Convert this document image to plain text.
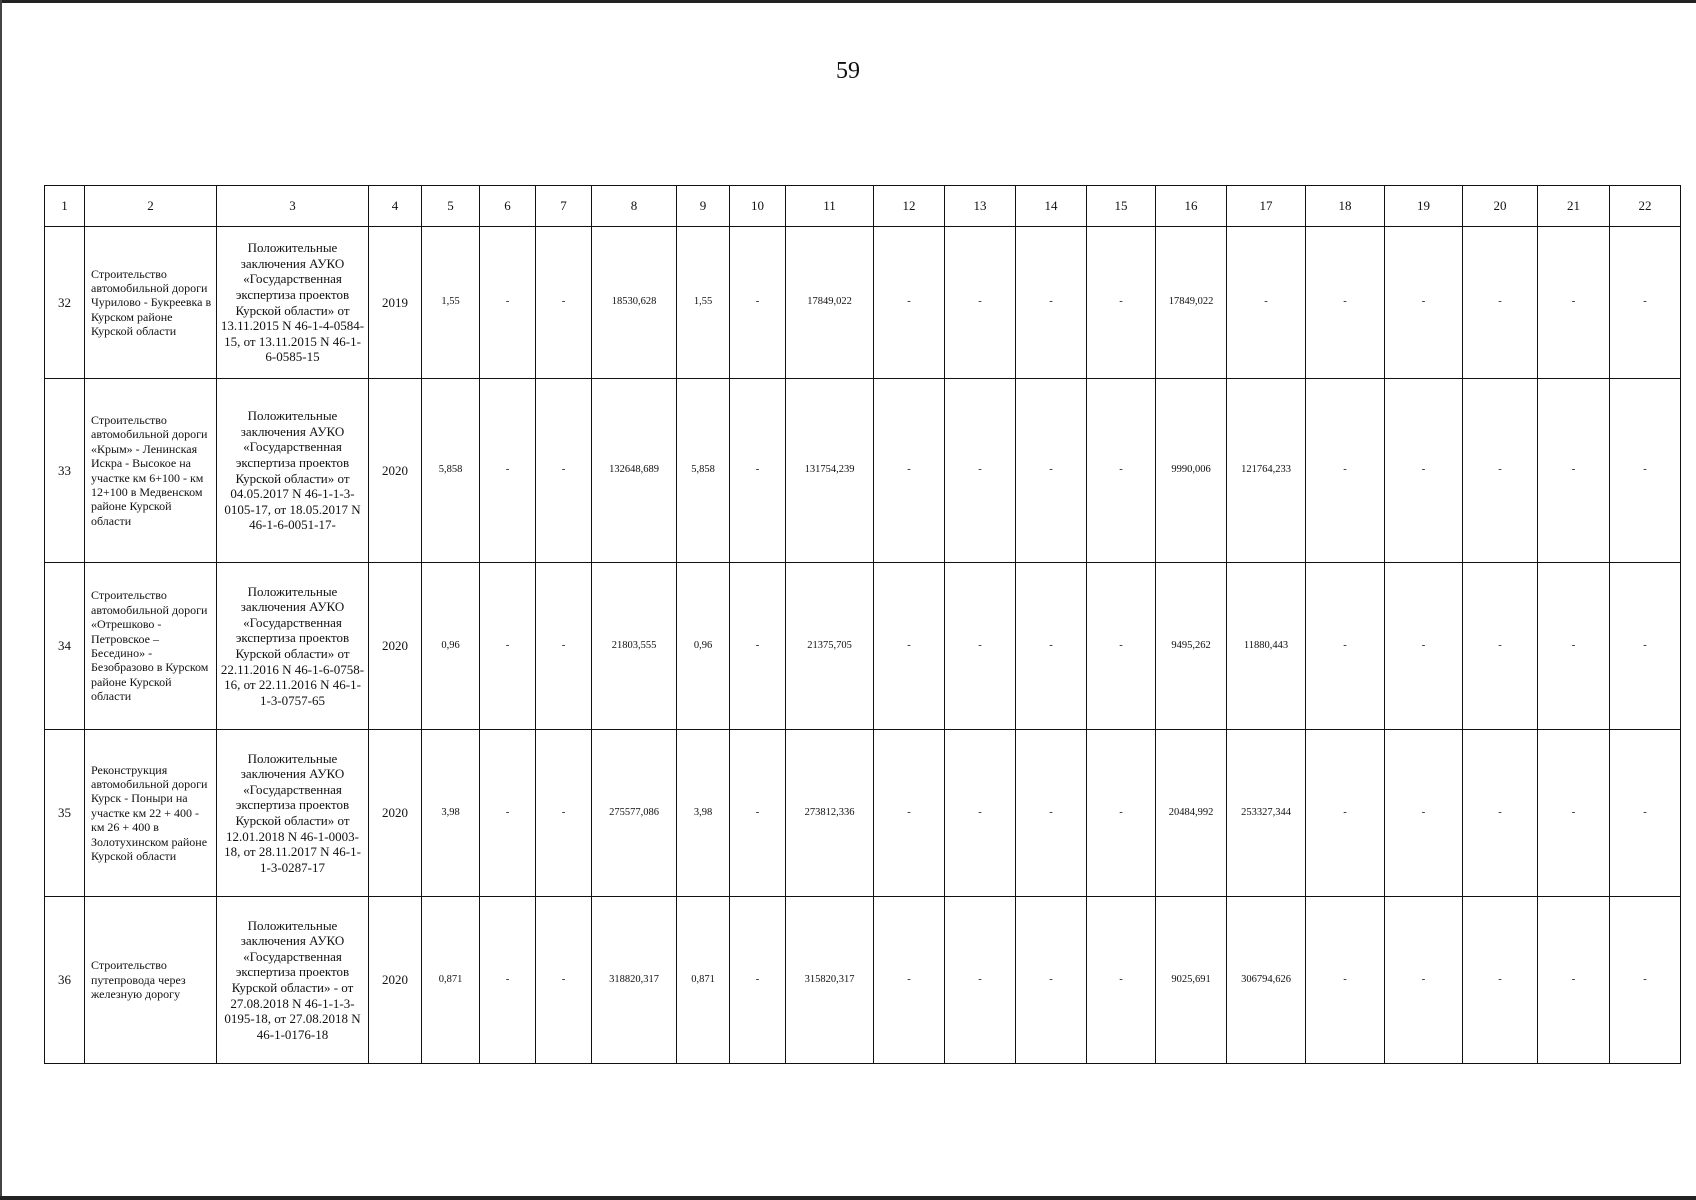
59
1	2	3	4	5	6	7	8	9	10	11	12	13	14	15	16	17	18	19	20	21	22
32	Строительство автомобильной дороги Чурилово - Букреевка в Курском районе Курской области	Положительные заключения АУКО «Государственная экспертиза проектов Курской области» от 13.11.2015 N 46-1-4-0584-15, от 13.11.2015 N 46-1-6-0585-15	2019	1,55	-	-	18530,628	1,55	-	17849,022	-	-	-	-	17849,022	-	-	-	-	-	-
33	Строительство автомобильной дороги «Крым» - Ленинская Искра - Высокое на участке км 6+100 - км 12+100 в Медвенском районе Курской области	Положительные заключения АУКО «Государственная экспертиза проектов Курской области» от 04.05.2017 N 46-1-1-3-0105-17, от 18.05.2017 N 46-1-6-0051-17-	2020	5,858	-	-	132648,689	5,858	-	131754,239	-	-	-	-	9990,006	121764,233	-	-	-	-	-
34	Строительство автомобильной дороги «Отрешково - Петровское – Беседино» - Безобразово в Курском районе Курской области	Положительные заключения АУКО «Государственная экспертиза проектов Курской области» от 22.11.2016 N 46-1-6-0758-16, от 22.11.2016 N 46-1-1-3-0757-65	2020	0,96	-	-	21803,555	0,96	-	21375,705	-	-	-	-	9495,262	11880,443	-	-	-	-	-
35	Реконструкция автомобильной дороги Курск - Поныри на участке км 22 + 400 - км 26 + 400 в Золотухинском районе Курской области	Положительные заключения АУКО «Государственная экспертиза проектов Курской области» от 12.01.2018 N 46-1-0003-18, от 28.11.2017 N 46-1-1-3-0287-17	2020	3,98	-	-	275577,086	3,98	-	273812,336	-	-	-	-	20484,992	253327,344	-	-	-	-	-
36	Строительство путепровода через железную дорогу	Положительные заключения АУКО «Государственная экспертиза проектов Курской области» - от 27.08.2018 N 46-1-1-3-0195-18, от 27.08.2018 N 46-1-0176-18	2020	0,871	-	-	318820,317	0,871	-	315820,317	-	-	-	-	9025,691	306794,626	-	-	-	-	-
